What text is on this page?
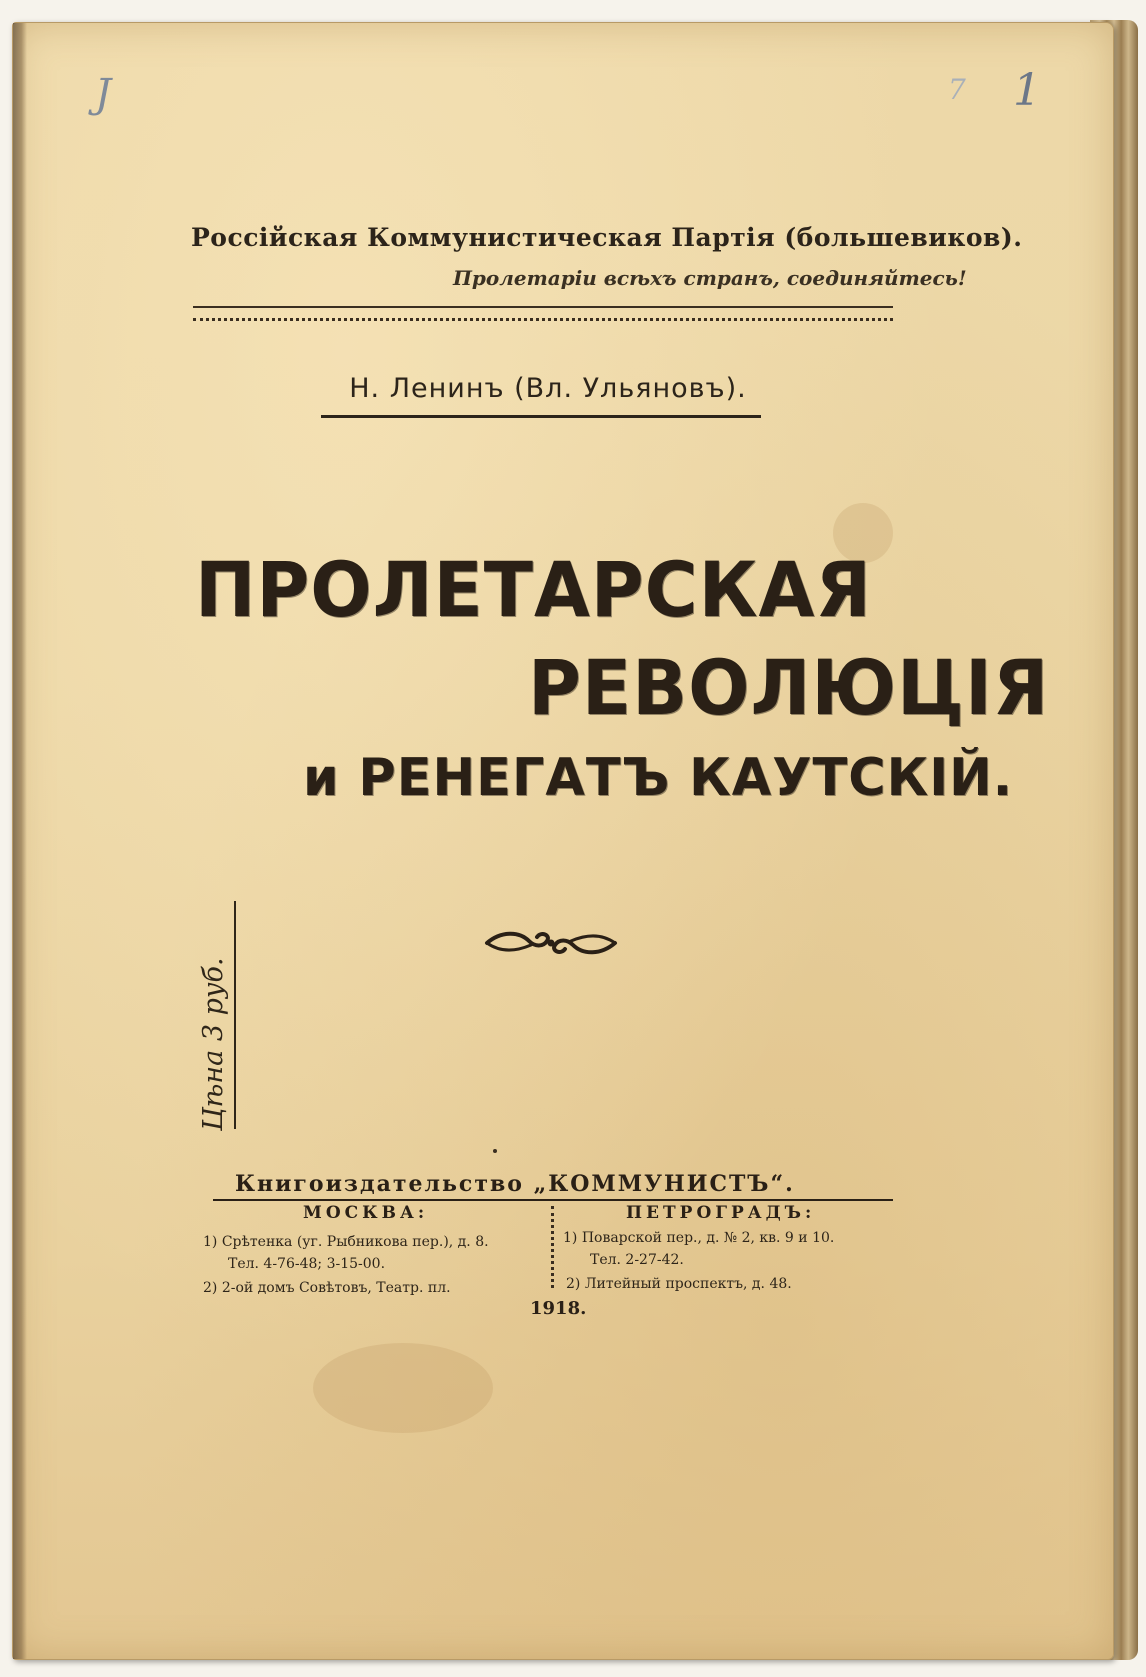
J	7 1
Россійская Коммунистическая Партія (большевиков).
Пролетаріи всѣхъ странъ, соединяйтесь!
Н. Ленинъ (Вл. Ульяновъ).
ПРОЛЕТАРСКАЯ
РЕВОЛЮЦІЯ
и РЕНЕГАТЪ КАУТСКІЙ.
Цѣна 3 руб.
Книгоиздательство „КОММУНИСТЪ“.
МОСКВА:	ПЕТРОГРАДЪ:
1) Срѣтенка (уг. Рыбникова пер.), д. 8.
Тел. 4-76-48; 3-15-00.
2) 2-ой домъ Совѣтовъ, Театр. пл.
1) Поварской пер., д. № 2, кв. 9 и 10.
Тел. 2-27-42.
2) Литейный проспектъ, д. 48.
1918.
